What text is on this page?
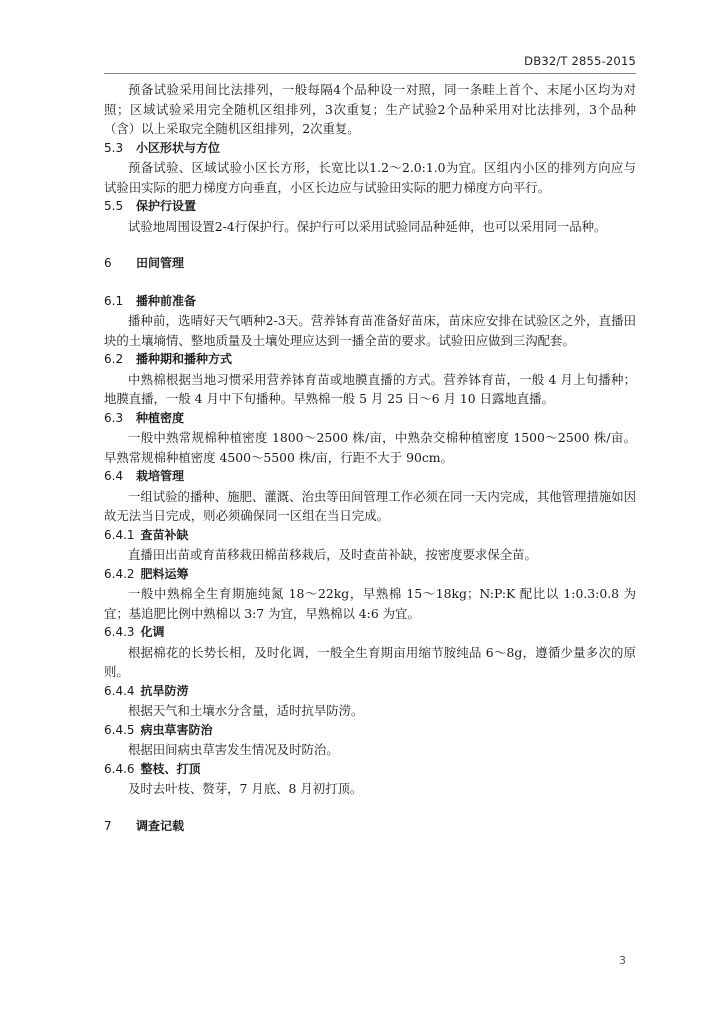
DB32/T 2855-2015

预备试验采用间比法排列，一般每隔4个品种设一对照，同一条畦上首个、末尾小区均为对照；区域试验采用完全随机区组排列，3次重复；生产试验2个品种采用对比法排列，3个品种（含）以上采取完全随机区组排列，2次重复。

5.3 小区形状与方位

预备试验、区域试验小区长方形，长宽比以1.2～2.0:1.0为宜。区组内小区的排列方向应与试验田实际的肥力梯度方向垂直，小区长边应与试验田实际的肥力梯度方向平行。

5.5 保护行设置

试验地周围设置2-4行保护行。保护行可以采用试验同品种延伸，也可以采用同一品种。

6 田间管理

6.1 播种前准备

播种前，选晴好天气晒种2-3天。营养钵育苗准备好苗床，苗床应安排在试验区之外，直播田块的土壤墒情、整地质量及土壤处理应达到一播全苗的要求。试验田应做到三沟配套。

6.2 播种期和播种方式

中熟棉根据当地习惯采用营养钵育苗或地膜直播的方式。营养钵育苗，一般 4 月上旬播种；地膜直播，一般 4 月中下旬播种。早熟棉一般 5 月 25 日～6 月 10 日露地直播。

6.3 种植密度

一般中熟常规棉种植密度 1800～2500 株/亩，中熟杂交棉种植密度 1500～2500 株/亩。早熟常规棉种植密度 4500～5500 株/亩，行距不大于 90cm。

6.4 栽培管理

一组试验的播种、施肥、灌溉、治虫等田间管理工作必须在同一天内完成，其他管理措施如因故无法当日完成，则必须确保同一区组在当日完成。

6.4.1 查苗补缺

直播田出苗或育苗移栽田棉苗移栽后，及时查苗补缺，按密度要求保全苗。

6.4.2 肥料运筹

一般中熟棉全生育期施纯氮 18～22kg，早熟棉 15～18kg；N:P:K 配比以 1:0.3:0.8 为宜；基追肥比例中熟棉以 3:7 为宜，早熟棉以 4:6 为宜。

6.4.3 化调

根据棉花的长势长相，及时化调，一般全生育期亩用缩节胺纯品 6～8g，遵循少量多次的原则。

6.4.4 抗旱防涝

根据天气和土壤水分含量，适时抗旱防涝。

6.4.5 病虫草害防治

根据田间病虫草害发生情况及时防治。

6.4.6 整枝、打顶

及时去叶枝、赘芽，7 月底、8 月初打顶。

7 调查记载

3
